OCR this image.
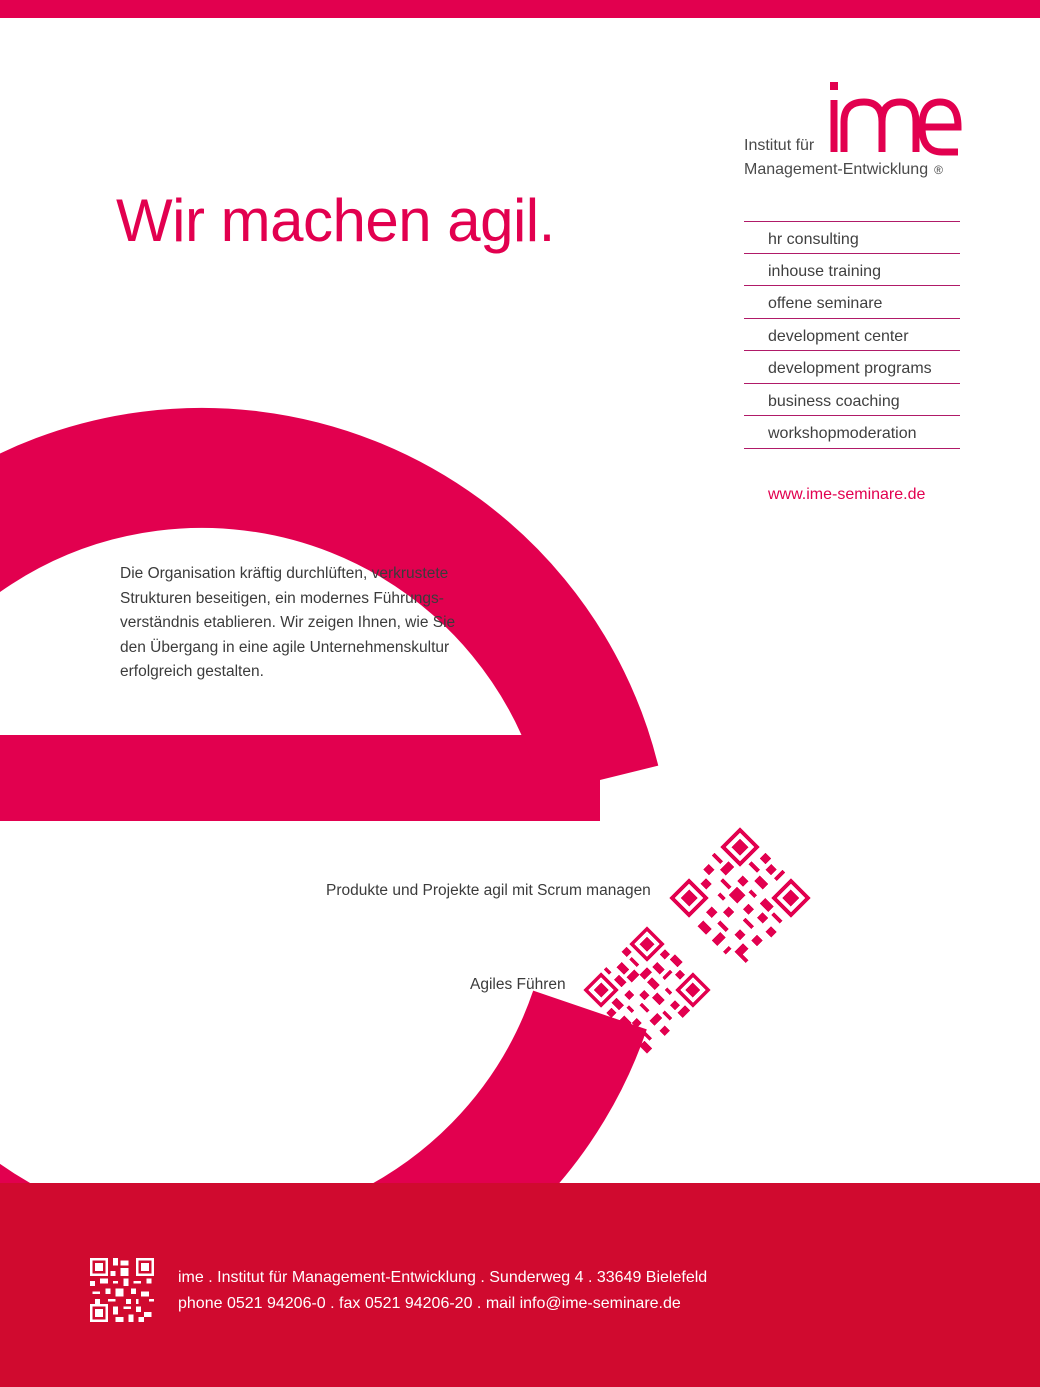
Institut für
Management-Entwicklung ®
Wir machen agil.	hr consulting
inhouse training
offene seminare
development center
development programs
business coaching
workshopmoderation
www.ime-seminare.de
Die Organisation kräftig durchlüften, verkrustete
Strukturen beseitigen, ein modernes Führungs-
verständnis etablieren. Wir zeigen Ihnen, wie Sie
den Übergang in eine agile Unternehmenskultur
erfolgreich gestalten.
Produkte und Projekte agil mit Scrum managen
Agiles Führen
ime . Institut für Management-Entwicklung . Sunderweg 4 . 33649 Bielefeld
phone 0521 94206-0 . fax 0521 94206-20 . mail info@ime-seminare.de
